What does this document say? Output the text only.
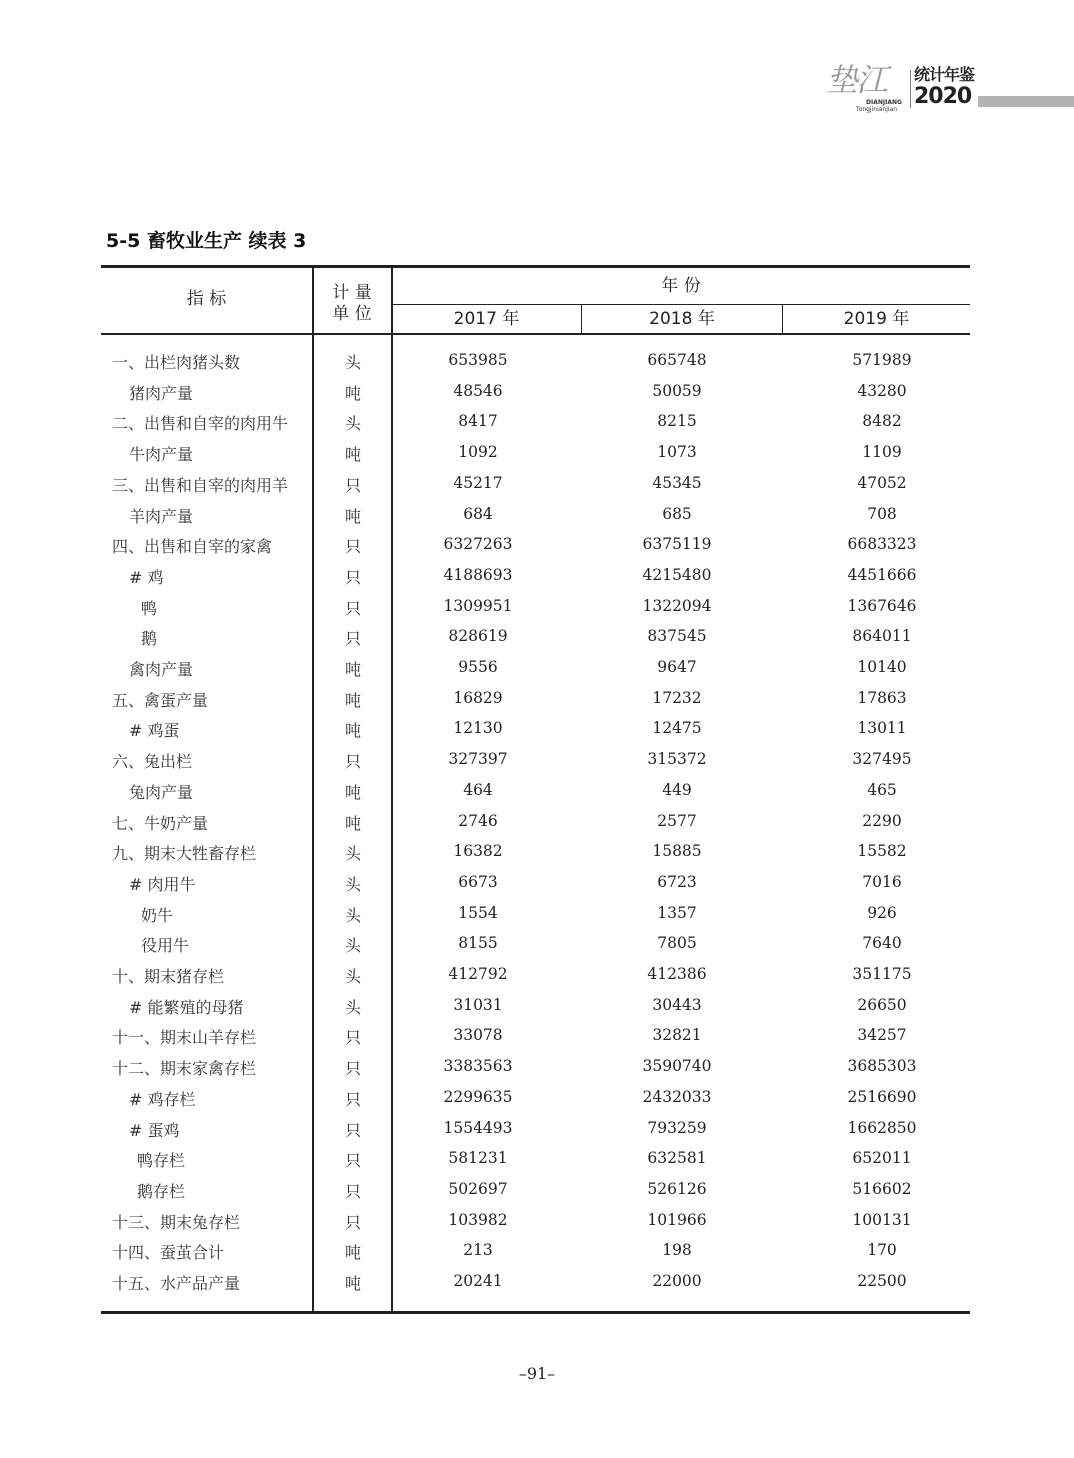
垫江
DIANJIANG
Tongjinianjian
统计年鉴
2020
5-5 畜牧业生产 续表 3
指 标	计 量
单 位
年 份
2017 年	2018 年	2019 年
一、出栏肉猪头数	头	653985	665748	571989
猪肉产量	吨	48546	50059	43280
二、出售和自宰的肉用牛	头	8417	8215	8482
牛肉产量	吨	1092	1073	1109
三、出售和自宰的肉用羊	只	45217	45345	47052
羊肉产量	吨	684	685	708
四、出售和自宰的家禽	只	6327263	6375119	6683323
# 鸡	只	4188693	4215480	4451666
鸭	只	1309951	1322094	1367646
鹅	只	828619	837545	864011
禽肉产量	吨	9556	9647	10140
五、禽蛋产量	吨	16829	17232	17863
# 鸡蛋	吨	12130	12475	13011
六、兔出栏	只	327397	315372	327495
兔肉产量	吨	464	449	465
七、牛奶产量	吨	2746	2577	2290
九、期末大牲畜存栏	头	16382	15885	15582
# 肉用牛	头	6673	6723	7016
奶牛	头	1554	1357	926
役用牛	头	8155	7805	7640
十、期末猪存栏	头	412792	412386	351175
# 能繁殖的母猪	头	31031	30443	26650
十一、期末山羊存栏	只	33078	32821	34257
十二、期末家禽存栏	只	3383563	3590740	3685303
# 鸡存栏	只	2299635	2432033	2516690
# 蛋鸡	只	1554493	793259	1662850
鸭存栏	只	581231	632581	652011
鹅存栏	只	502697	526126	516602
十三、期末兔存栏	只	103982	101966	100131
十四、蚕茧合计	吨	213	198	170
十五、水产品产量	吨	20241	22000	22500
–91–
